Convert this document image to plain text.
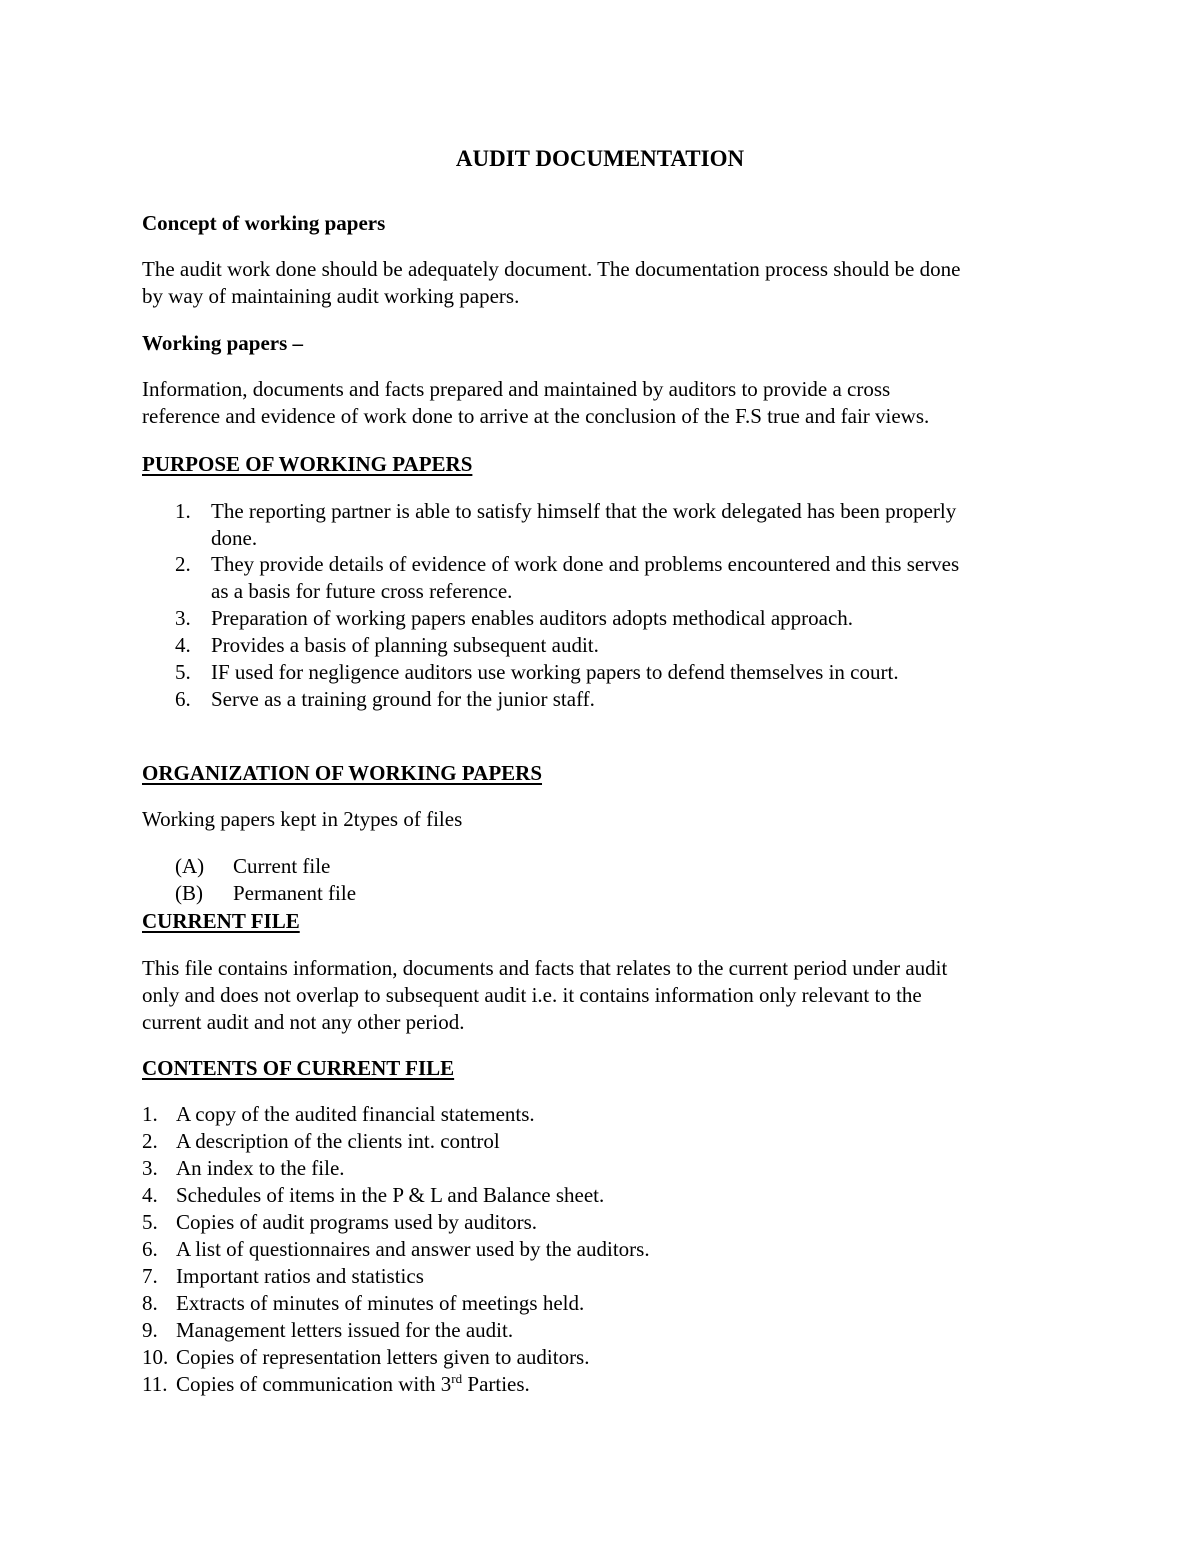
AUDIT DOCUMENTATION
Concept of working papers
The audit work done should be adequately document. The documentation process should be done
by way of maintaining audit working papers.
Working papers –
Information, documents and facts prepared and maintained by auditors to provide a cross
reference and evidence of work done to arrive at the conclusion of the F.S true and fair views.
PURPOSE OF WORKING PAPERS
1. The reporting partner is able to satisfy himself that the work delegated has been properly
done.
2. They provide details of evidence of work done and problems encountered and this serves
as a basis for future cross reference.
3. Preparation of working papers enables auditors adopts methodical approach.
4. Provides a basis of planning subsequent audit.
5. IF used for negligence auditors use working papers to defend themselves in court.
6. Serve as a training ground for the junior staff.
ORGANIZATION OF WORKING PAPERS
Working papers kept in 2types of files
(A) Current file
(B) Permanent file
CURRENT FILE
This file contains information, documents and facts that relates to the current period under audit
only and does not overlap to subsequent audit i.e. it contains information only relevant to the
current audit and not any other period.
CONTENTS OF CURRENT FILE
1. A copy of the audited financial statements.
2. A description of the clients int. control
3. An index to the file.
4. Schedules of items in the P & L and Balance sheet.
5. Copies of audit programs used by auditors.
6. A list of questionnaires and answer used by the auditors.
7. Important ratios and statistics
8. Extracts of minutes of minutes of meetings held.
9. Management letters issued for the audit.
10. Copies of representation letters given to auditors.
11. Copies of communication with 3rd Parties.
